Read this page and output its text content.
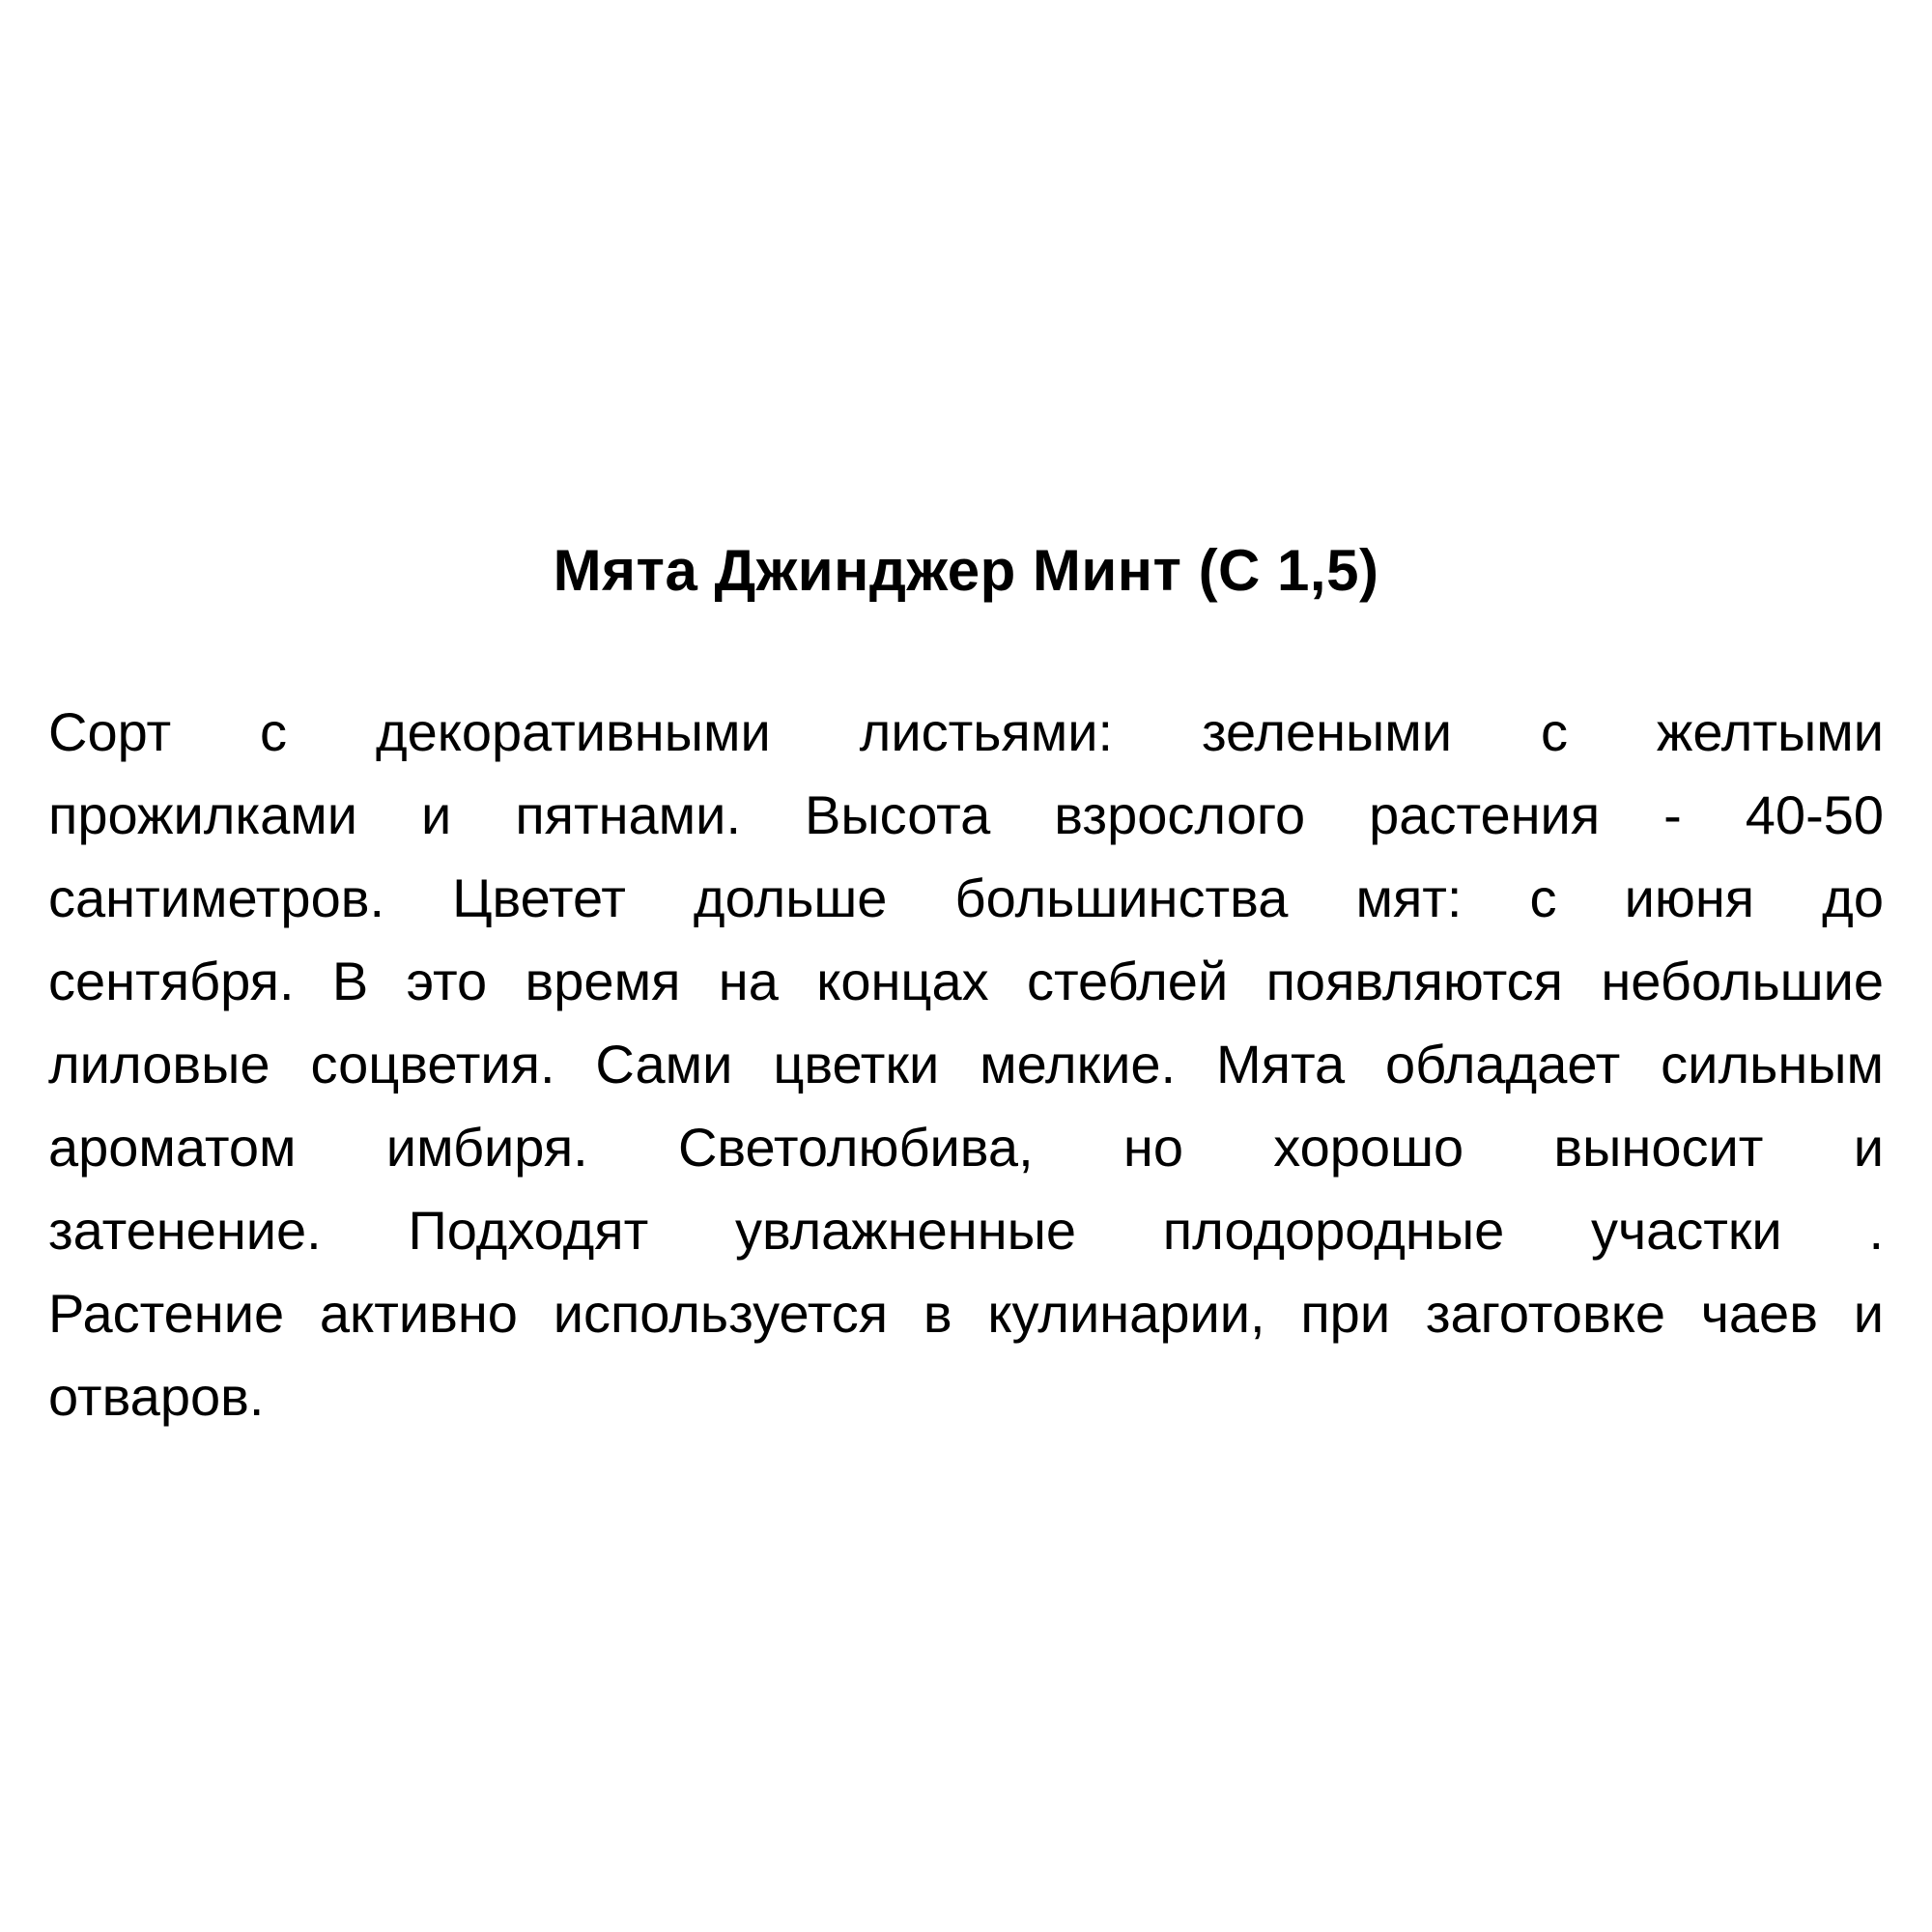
Мята Джинджер Минт (С 1,5)
Сорт с декоративными листьями: зелеными с желтыми
прожилками и пятнами. Высота взрослого растения - 40-50
сантиметров. Цветет дольше большинства мят: с июня до
сентября. В это время на концах стеблей появляются небольшие
лиловые соцветия. Сами цветки мелкие. Мята обладает сильным
ароматом имбиря. Светолюбива, но хорошо выносит и
затенение. Подходят увлажненные плодородные участки .
Растение активно используется в кулинарии, при заготовке чаев и
отваров.
